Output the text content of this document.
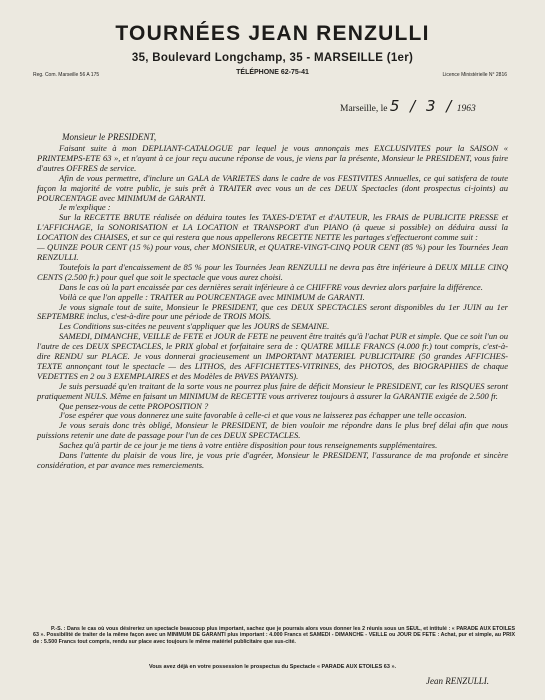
TOURNÉES JEAN RENZULLI
35, Boulevard Longchamp, 35 - MARSEILLE (1er)
Reg. Com. Marseille 56 A 175	TÉLÉPHONE 62-75-41	Licence Ministérielle N° 2816
Marseille, le 5 / 3 / 1963
Monsieur le PRESIDENT,

Faisant suite à mon DEPLIANT-CATALOGUE par lequel je vous annonçais mes EXCLUSIVITES pour la SAISON « PRINTEMPS-ETE 63 », et n'ayant à ce jour reçu aucune réponse de vous, je viens par la présente, Monsieur le PRESIDENT, vous faire d'autres OFFRES de service.

Afin de vous permettre, d'inclure un GALA de VARIETES dans le cadre de vos FESTIVITES Annuelles, ce qui satisfera de toute façon la majorité de votre public, je suis prêt à TRAITER avec vous un de ces DEUX Spectacles (dont prospectus ci-joints) au POURCENTAGE avec MINIMUM de GARANTI.

Je m'explique :

Sur la RECETTE BRUTE réalisée on déduira toutes les TAXES-D'ETAT et d'AUTEUR, les FRAIS de PUBLICITE PRESSE et L'AFFICHAGE, la SONORISATION et LA LOCATION et TRANSPORT d'un PIANO (à queue si possible) on déduira aussi la LOCATION des CHAISES, et sur ce qui restera que nous appellerons RECETTE NETTE les partages s'effectueront comme suit :

— QUINZE POUR CENT (15 %) pour vous, cher MONSIEUR, et QUATRE-VINGT-CINQ POUR CENT (85 %) pour les Tournées Jean RENZULLI.

Toutefois la part d'encaissement de 85 % pour les Tournées Jean RENZULLI ne devra pas être inférieure à DEUX MILLE CINQ CENTS (2.500 fr.) pour quel que soit le spectacle que vous aurez choisi.

Dans le cas où la part encaissée par ces dernières serait inférieure à ce CHIFFRE vous devriez alors parfaire la différence.

Voilà ce que l'on appelle : TRAITER au POURCENTAGE avec MINIMUM de GARANTI.

Je vous signale tout de suite, Monsieur le PRESIDENT, que ces DEUX SPECTACLES seront disponibles du 1er JUIN au 1er SEPTEMBRE inclus, c'est-à-dire pour une période de TROIS MOIS.

Les Conditions sus-citées ne peuvent s'appliquer que les JOURS de SEMAINE.

SAMEDI, DIMANCHE, VEILLE de FETE et JOUR de FETE ne peuvent être traités qu'à l'achat PUR et simple. Que ce soit l'un ou l'autre de ces DEUX SPECTACLES, le PRIX global et forfaitaire sera de : QUATRE MILLE FRANCS (4.000 fr.) tout compris, c'est-à-dire RENDU sur PLACE. Je vous donnerai gracieusement un IMPORTANT MATERIEL PUBLICITAIRE (50 grandes AFFICHES-TEXTE annonçant tout le spectacle — des LITHOS, des AFFICHETTES-VITRINES, des PHOTOS, des BIOGRAPHIES de chaque VEDETTES en 2 ou 3 EXEMPLAIRES et des Modèles de PAVES PAYANTS).

Je suis persuadé qu'en traitant de la sorte vous ne pourrez plus faire de déficit Monsieur le PRESIDENT, car les RISQUES seront pratiquement NULS. Même en faisant un MINIMUM de RECETTE vous arriverez toujours à assurer la GARANTIE exigée de 2.500 fr.

Que pensez-vous de cette PROPOSITION ?

J'ose espérer que vous donnerez une suite favorable à celle-ci et que vous ne laisserez pas échapper une telle occasion.

Je vous serais donc très obligé, Monsieur le PRESIDENT, de bien vouloir me répondre dans le plus bref délai afin que nous puissions retenir une date de passage pour l'un de ces DEUX SPECTACLES.

Sachez qu'à partir de ce jour je me tiens à votre entière disposition pour tous renseignements supplémentaires.

Dans l'attente du plaisir de vous lire, je vous prie d'agréer, Monsieur le PRESIDENT, l'assurance de ma profonde et sincère considération, et par avance mes remerciements.

P.-S. : Dans le cas où vous désireriez un spectacle beaucoup plus important, sachez que je pourrais alors vous donner les 2 réunis sous un SEUL, et intitulé : « PARADE AUX ETOILES 63 ». Possibilité de traiter de la même façon avec un MINIMUM DE GARANTI plus important : 4.000 Francs et SAMEDI - DIMANCHE - VEILLE ou JOUR DE FETE : Achat, pur et simple, au PRIX de : 5.500 Francs tout compris, rendu sur place avec toujours le même matériel publicitaire que sus-cité.

Vous avez déjà en votre possession le prospectus du Spectacle « PARADE AUX ETOILES 63 ».
Jean RENZULLI.
